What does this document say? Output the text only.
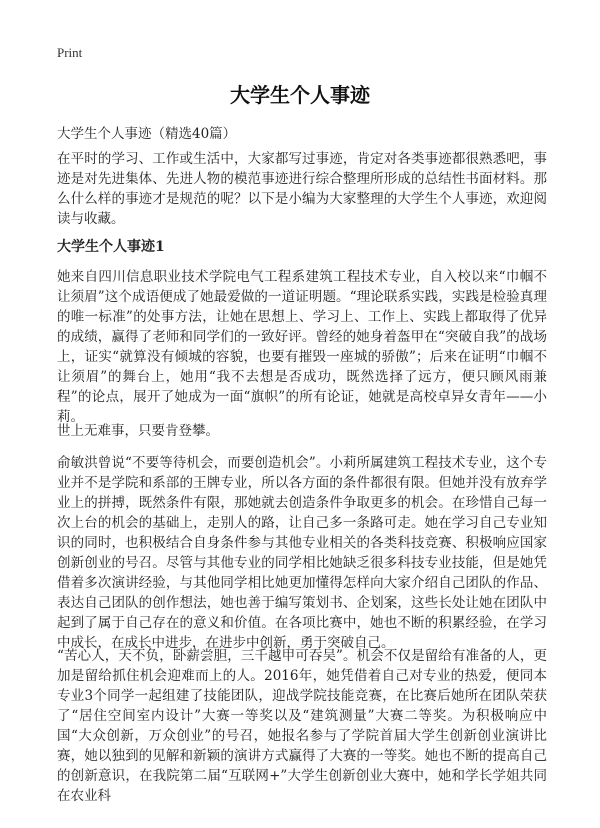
Print
大学生个人事迹

大学生个人事迹（精选40篇）

在平时的学习、工作或生活中，大家都写过事迹，肯定对各类事迹都很熟悉吧，事迹是对先进集体、先进人物的模范事迹进行综合整理所形成的总结性书面材料。那么什么样的事迹才是规范的呢？以下是小编为大家整理的大学生个人事迹，欢迎阅读与收藏。

大学生个人事迹1

她来自四川信息职业技术学院电气工程系建筑工程技术专业，自入校以来“巾帼不让须眉”这个成语便成了她最爱做的一道证明题。“理论联系实践，实践是检验真理的唯一标准”的处事方法，让她在思想上、学习上、工作上、实践上都取得了优异的成绩，赢得了老师和同学们的一致好评。曾经的她身着盔甲在“突破自我”的战场上，证实“就算没有倾城的容貌，也要有摧毁一座城的骄傲”；后来在证明“巾帼不让须眉”的舞台上，她用“我不去想是否成功，既然选择了远方，便只顾风雨兼程”的论点，展开了她成为一面“旗帜”的所有论证，她就是高校卓异女青年——小莉。

世上无难事，只要肯登攀。

俞敏洪曾说“不要等待机会，而要创造机会”。小莉所属建筑工程技术专业，这个专业并不是学院和系部的王牌专业，所以各方面的条件都很有限。但她并没有放弃学业上的拼搏，既然条件有限，那她就去创造条件争取更多的机会。在珍惜自己每一次上台的机会的基础上，走别人的路，让自己多一条路可走。她在学习自己专业知识的同时，也积极结合自身条件参与其他专业相关的各类科技竞赛、积极响应国家创新创业的号召。尽管与其他专业的同学相比她缺乏很多科技专业技能，但是她凭借着多次演讲经验，与其他同学相比她更加懂得怎样向大家介绍自己团队的作品、表达自己团队的创作想法，她也善于编写策划书、企划案，这些长处让她在团队中起到了属于自己存在的意义和价值。在各项比赛中，她也不断的积累经验，在学习中成长，在成长中进步，在进步中创新，勇于突破自己。

“苦心人，天不负，卧薪尝胆，三千越甲可吞吴”。机会不仅是留给有准备的人，更加是留给抓住机会迎难而上的人。2016年，她凭借着自己对专业的热爱，便同本专业3个同学一起组建了技能团队，迎战学院技能竞赛，在比赛后她所在团队荣获了“居住空间室内设计”大赛一等奖以及“建筑测量”大赛二等奖。为积极响应中国“大众创新，万众创业”的号召，她报名参与了学院首届大学生创新创业演讲比赛，她以独到的见解和新颖的演讲方式赢得了大赛的一等奖。她也不断的提高自己的创新意识，在我院第二届“互联网+”大学生创新创业大赛中，她和学长学姐共同在农业科
